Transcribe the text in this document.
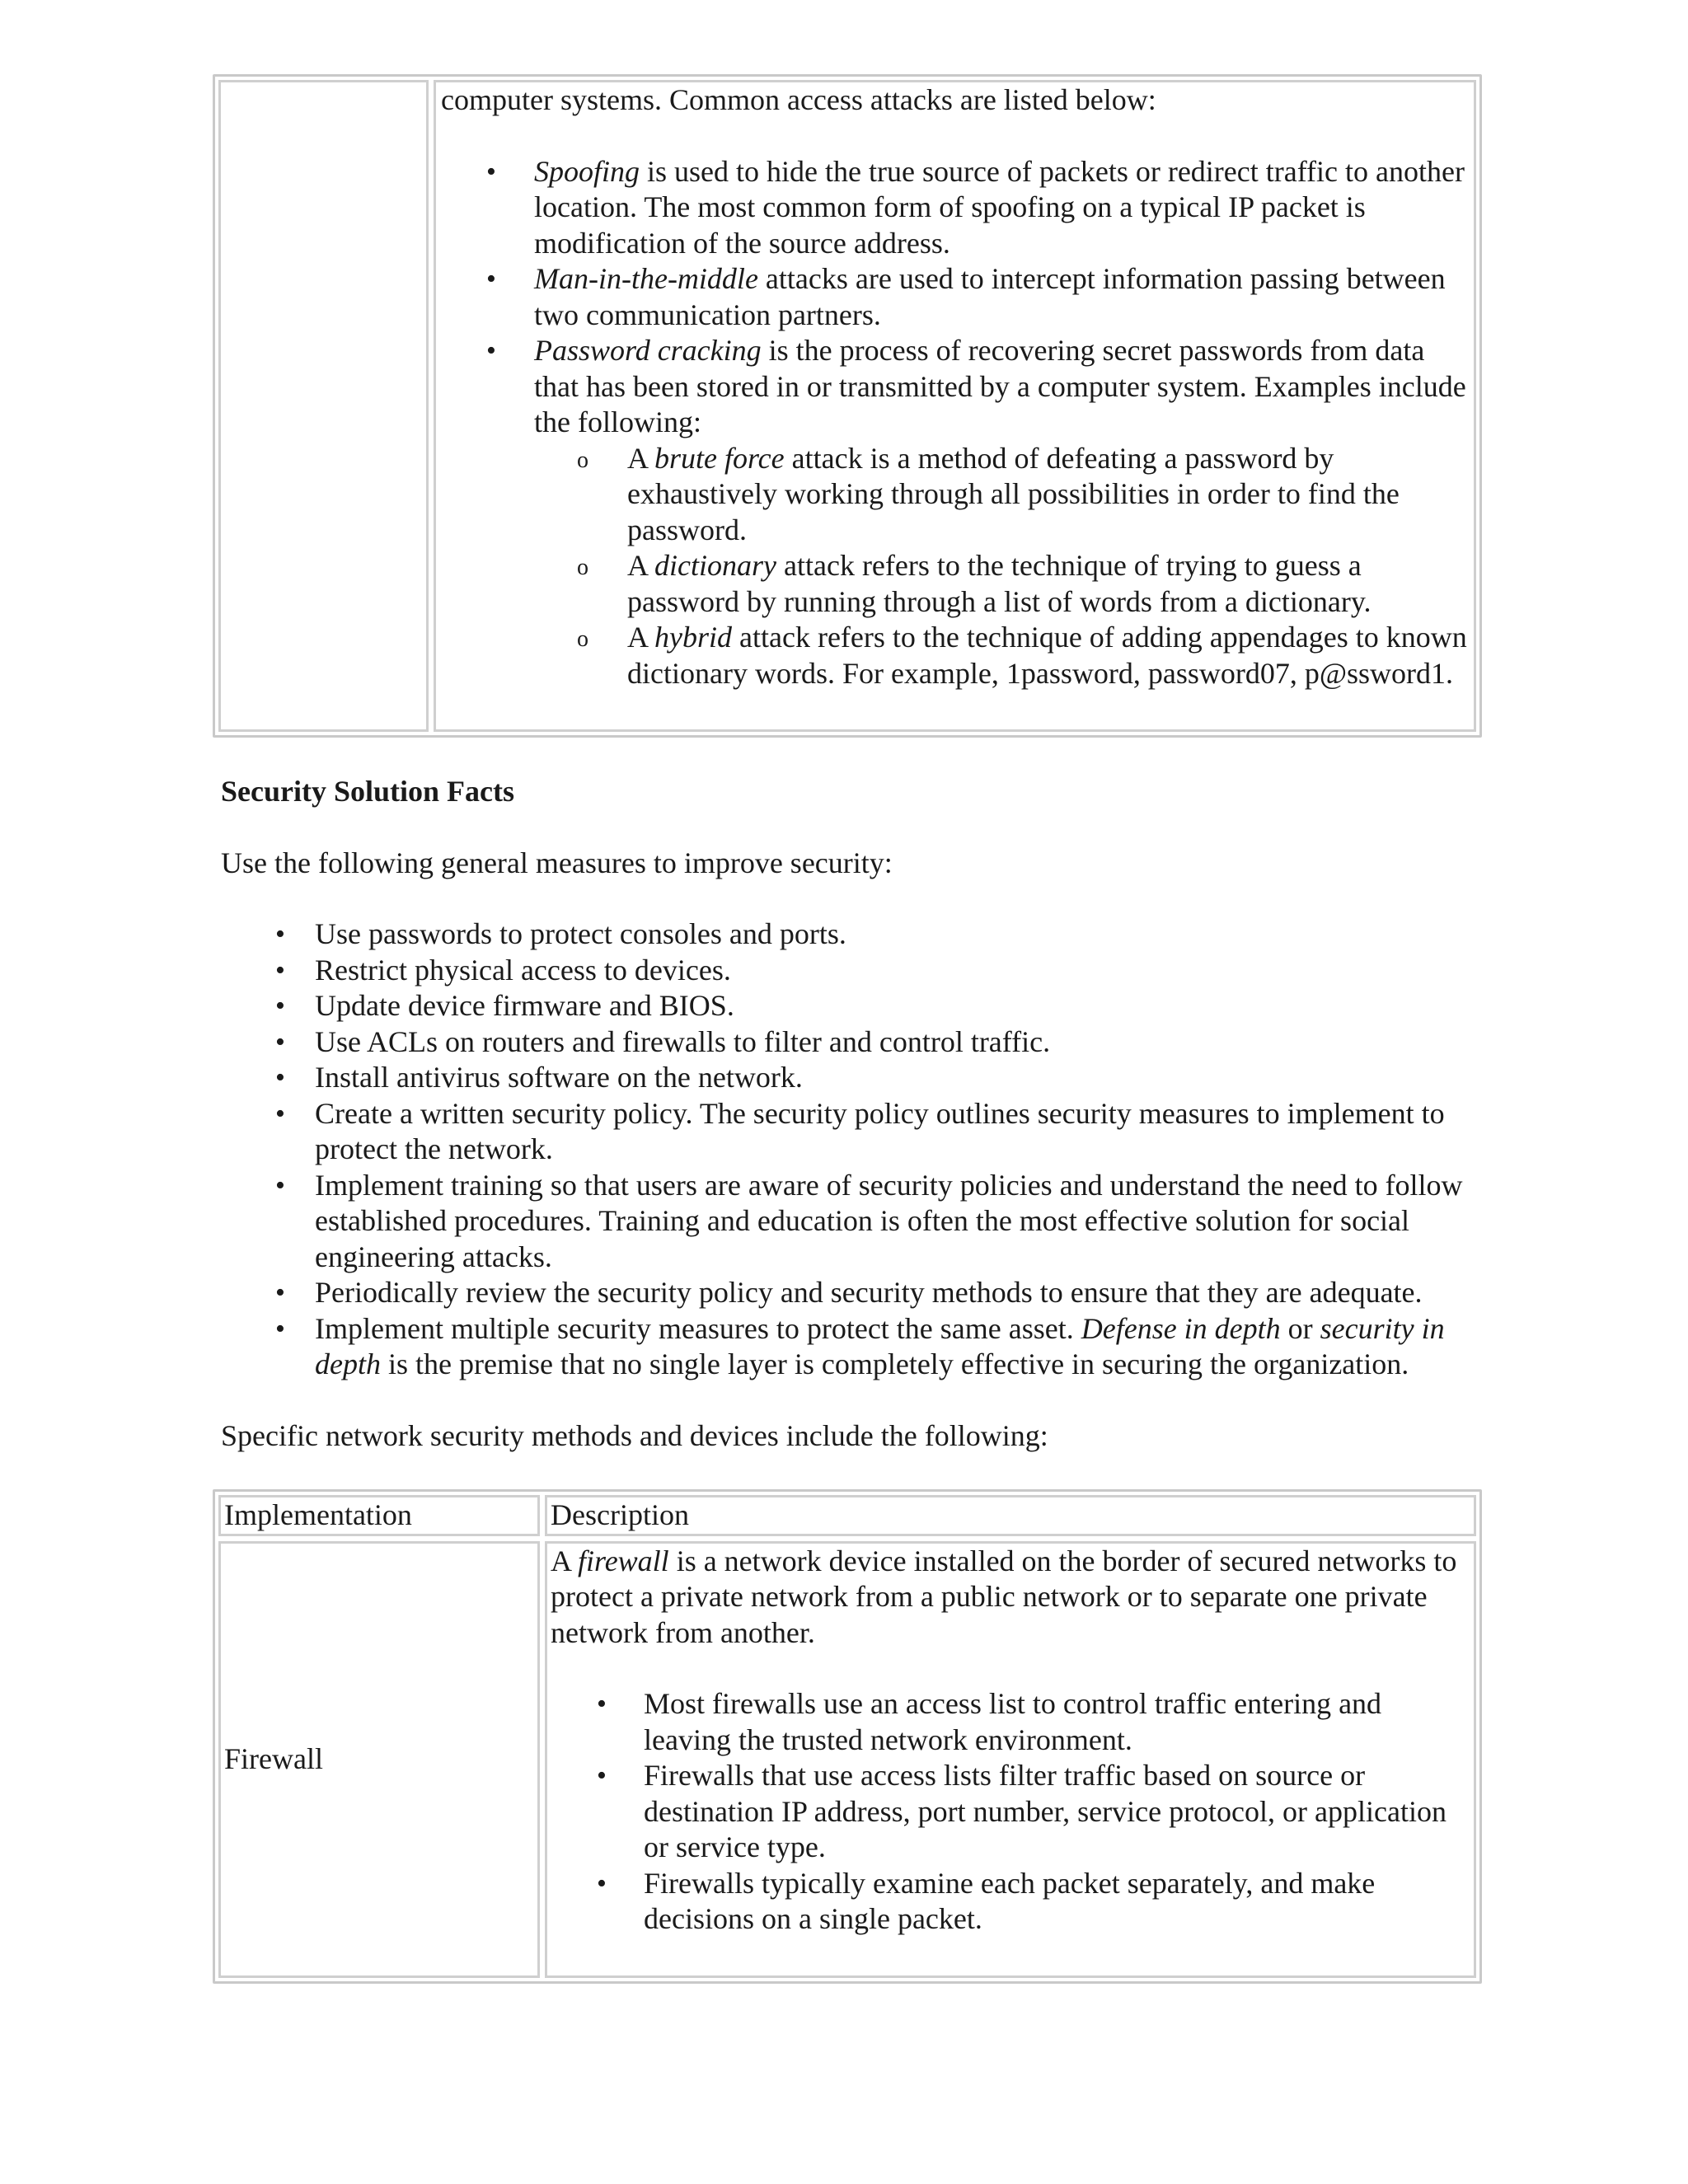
computer systems. Common access attacks are listed below:

• Spoofing is used to hide the true source of packets or redirect traffic to another location. The most common form of spoofing on a typical IP packet is modification of the source address.
• Man-in-the-middle attacks are used to intercept information passing between two communication partners.
• Password cracking is the process of recovering secret passwords from data that has been stored in or transmitted by a computer system. Examples include the following:
o A brute force attack is a method of defeating a password by exhaustively working through all possibilities in order to find the password.
o A dictionary attack refers to the technique of trying to guess a password by running through a list of words from a dictionary.
o A hybrid attack refers to the technique of adding appendages to known dictionary words. For example, 1password, password07, p@ssword1.

Security Solution Facts

Use the following general measures to improve security:

• Use passwords to protect consoles and ports.
• Restrict physical access to devices.
• Update device firmware and BIOS.
• Use ACLs on routers and firewalls to filter and control traffic.
• Install antivirus software on the network.
• Create a written security policy. The security policy outlines security measures to implement to protect the network.
• Implement training so that users are aware of security policies and understand the need to follow established procedures. Training and education is often the most effective solution for social engineering attacks.
• Periodically review the security policy and security methods to ensure that they are adequate.
• Implement multiple security measures to protect the same asset. Defense in depth or security in depth is the premise that no single layer is completely effective in securing the organization.

Specific network security methods and devices include the following:

Implementation	Description
Firewall

A firewall is a network device installed on the border of secured networks to protect a private network from a public network or to separate one private network from another.

• Most firewalls use an access list to control traffic entering and leaving the trusted network environment.
• Firewalls that use access lists filter traffic based on source or destination IP address, port number, service protocol, or application or service type.
• Firewalls typically examine each packet separately, and make decisions on a single packet.
